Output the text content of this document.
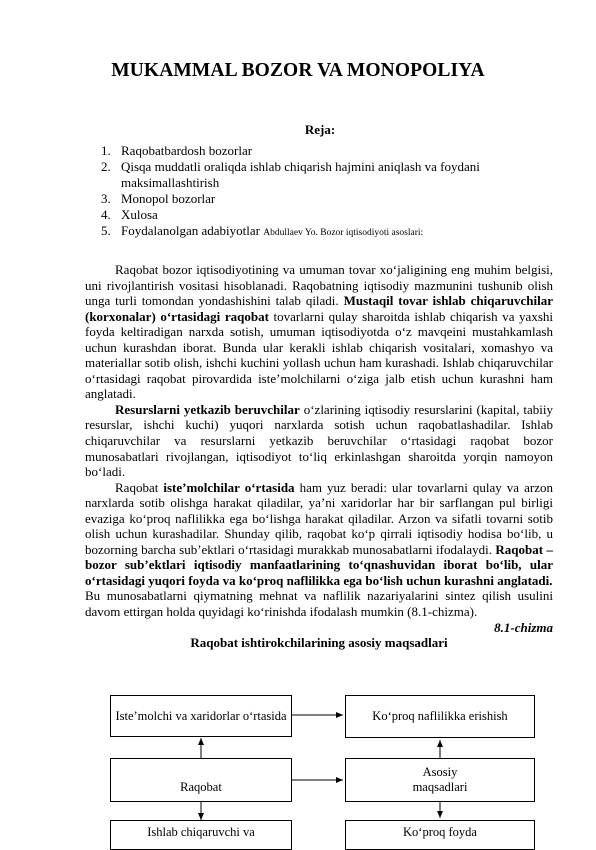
MUKAMMAL BOZOR VA MONOPOLIYA
Reja:
1. Raqobatbardosh bozorlar
2. Qisqa muddatli oraliqda ishlab chiqarish hajmini aniqlash va foydani maksimallashtirish
3. Monopol bozorlar
4. Xulosa
5. Foydalanolgan adabiyotlar Abdullaev Yo. Bozor iqtisodiyoti asoslari:

Raqobat bozor iqtisodiyotining va umuman tovar xo‘jaligining eng muhim belgisi, uni rivojlantirish vositasi hisoblanadi. Raqobatning iqtisodiy mazmunini tushunib olish unga turli tomondan yondashishini talab qiladi. Mustaqil tovar ishlab chiqaruvchilar (korxonalar) o‘rtasidagi raqobat tovarlarni qulay sharoitda ishlab chiqarish va yaxshi foyda keltiradigan narxda sotish, umuman iqtisodiyotda o‘z mavqeini mustahkamlash uchun kurashdan iborat. Bunda ular kerakli ishlab chiqarish vositalari, xomashyo va materiallar sotib olish, ishchi kuchini yollash uchun ham kurashadi. Ishlab chiqaruvchilar o‘rtasidagi raqobat pirovardida iste’molchilarni o‘ziga jalb etish uchun kurashni ham anglatadi.

Resurslarni yetkazib beruvchilar o‘zlarining iqtisodiy resurslarini (kapital, tabiiy resurslar, ishchi kuchi) yuqori narxlarda sotish uchun raqobatlashadilar. Ishlab chiqaruvchilar va resurslarni yetkazib beruvchilar o‘rtasidagi raqobat bozor munosabatlari rivojlangan, iqtisodiyot to‘liq erkinlashgan sharoitda yorqin namoyon bo‘ladi.

Raqobat iste’molchilar o‘rtasida ham yuz beradi: ular tovarlarni qulay va arzon narxlarda sotib olishga harakat qiladilar, ya’ni xaridorlar har bir sarflangan pul birligi evaziga ko‘proq naflilikka ega bo‘lishga harakat qiladilar. Arzon va sifatli tovarni sotib olish uchun kurashadilar. Shunday qilib, raqobat ko‘p qirrali iqtisodiy hodisa bo‘lib, u bozorning barcha sub’ektlari o‘rtasidagi murakkab munosabatlarni ifodalaydi. Raqobat – bozor sub’ektlari iqtisodiy manfaatlarining to‘qnashuvidan iborat bo‘lib, ular o‘rtasidagi yuqori foyda va ko‘proq naflilikka ega bo‘lish uchun kurashni anglatadi.

Bu munosabatlarni qiymatning mehnat va naflilik nazariyalarini sintez qilish usulini davom ettirgan holda quyidagi ko‘rinishda ifodalash mumkin (8.1-chizma).

8.1-chizma
Raqobat ishtirokchilarining asosiy maqsadlari
Iste’molchi va xaridorlar o‘rtasida	Ko‘proq naflilikka erishish
Raqobat
Asosiy maqsadlari
Ishlab chiqaruvchi va	Ko‘proq foyda
